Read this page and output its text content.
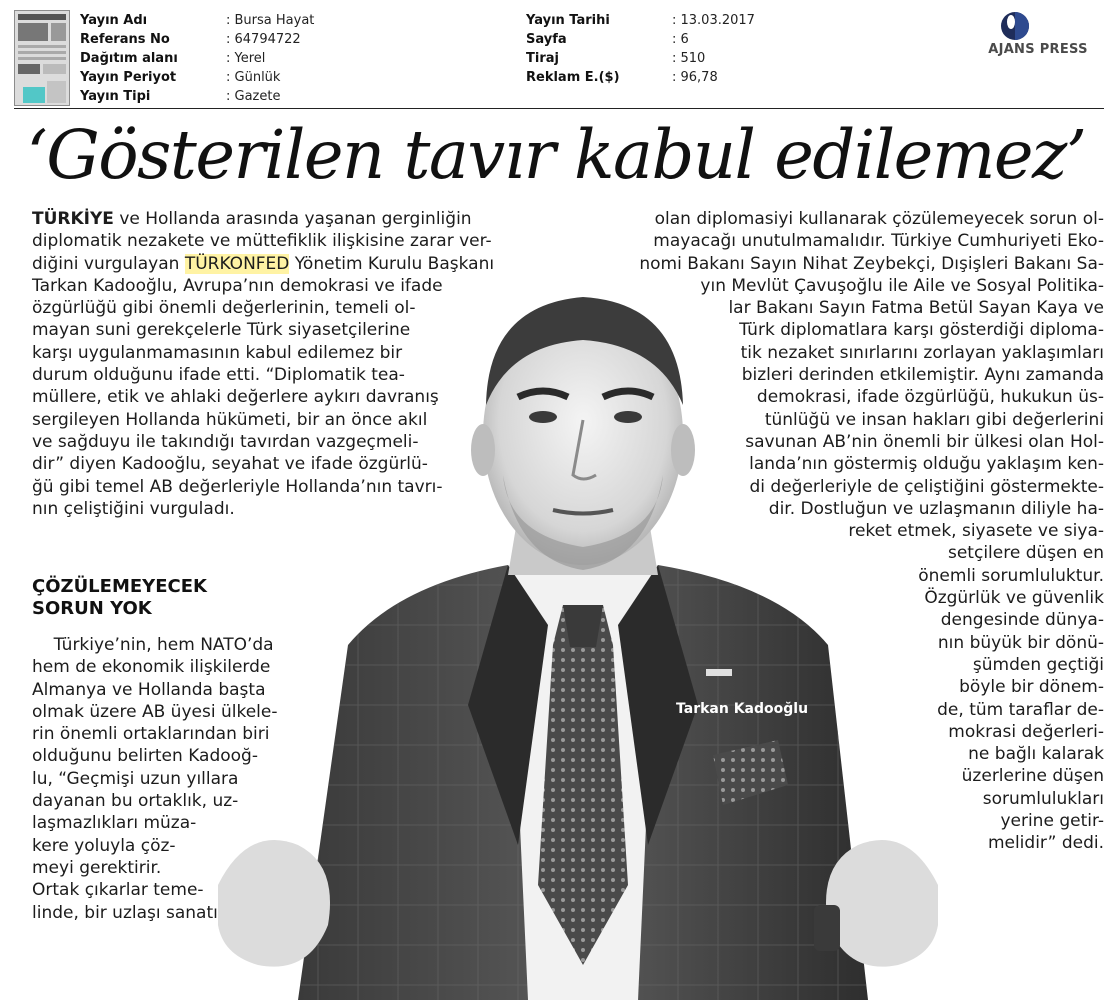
Yayın Adı	: Bursa Hayat
Referans No	: 64794722
Dağıtım alanı	: Yerel
Yayın Periyot	: Günlük
Yayın Tipi	: Gazete
Yayın Tarihi	: 13.03.2017
Sayfa	: 6
Tiraj	: 510
Reklam E.($)	: 96,78
AJANS PRESS
‘Gösterilen tavır kabul edilemez’
Tarkan Kadooğlu
TÜRKİYE ve Hollanda arasında yaşanan gerginliğin
diplomatik nezakete ve müttefiklik ilişkisine zarar ver-
diğini vurgulayan TÜRKONFED Yönetim Kurulu Başkanı
Tarkan Kadooğlu, Avrupa’nın demokrasi ve ifade
özgürlüğü gibi önemli değerlerinin, temeli ol-
mayan suni gerekçelerle Türk siyasetçilerine
karşı uygulanmamasının kabul edilemez bir
durum olduğunu ifade etti. “Diplomatik tea-
müllere, etik ve ahlaki değerlere aykırı davranış
sergileyen Hollanda hükümeti, bir an önce akıl
ve sağduyu ile takındığı tavırdan vazgeçmeli-
dir” diyen Kadooğlu, seyahat ve ifade özgürlü-
ğü gibi temel AB değerleriyle Hollanda’nın tavrı-
nın çeliştiğini vurguladı.
ÇÖZÜLEMEYECEK
SORUN YOK
Türkiye’nin, hem NATO’da
hem de ekonomik ilişkilerde
Almanya ve Hollanda başta
olmak üzere AB üyesi ülkele-
rin önemli ortaklarından biri
olduğunu belirten Kadooğ-
lu, “Geçmişi uzun yıllara
dayanan bu ortaklık, uz-
laşmazlıkları müza-
kere yoluyla çöz-
meyi gerektirir.
Ortak çıkarlar teme-
linde, bir uzlaşı sanatı
olan diplomasiyi kullanarak çözülemeyecek sorun ol-
mayacağı unutulmamalıdır. Türkiye Cumhuriyeti Eko-
nomi Bakanı Sayın Nihat Zeybekçi, Dışişleri Bakanı Sa-
yın Mevlüt Çavuşoğlu ile Aile ve Sosyal Politika-
lar Bakanı Sayın Fatma Betül Sayan Kaya ve
Türk diplomatlara karşı gösterdiği diploma-
tik nezaket sınırlarını zorlayan yaklaşımları
bizleri derinden etkilemiştir. Aynı zamanda
demokrasi, ifade özgürlüğü, hukukun üs-
tünlüğü ve insan hakları gibi değerlerini
savunan AB’nin önemli bir ülkesi olan Hol-
landa’nın göstermiş olduğu yaklaşım ken-
di değerleriyle de çeliştiğini göstermekte-
dir. Dostluğun ve uzlaşmanın diliyle ha-
reket etmek, siyasete ve siya-
setçilere düşen en
önemli sorumluluktur.
Özgürlük ve güvenlik
dengesinde dünya-
nın büyük bir dönü-
şümden geçtiği
böyle bir dönem-
de, tüm taraflar de-
mokrasi değerleri-
ne bağlı kalarak
üzerlerine düşen
sorumlulukları
yerine getir-
melidir” dedi.
